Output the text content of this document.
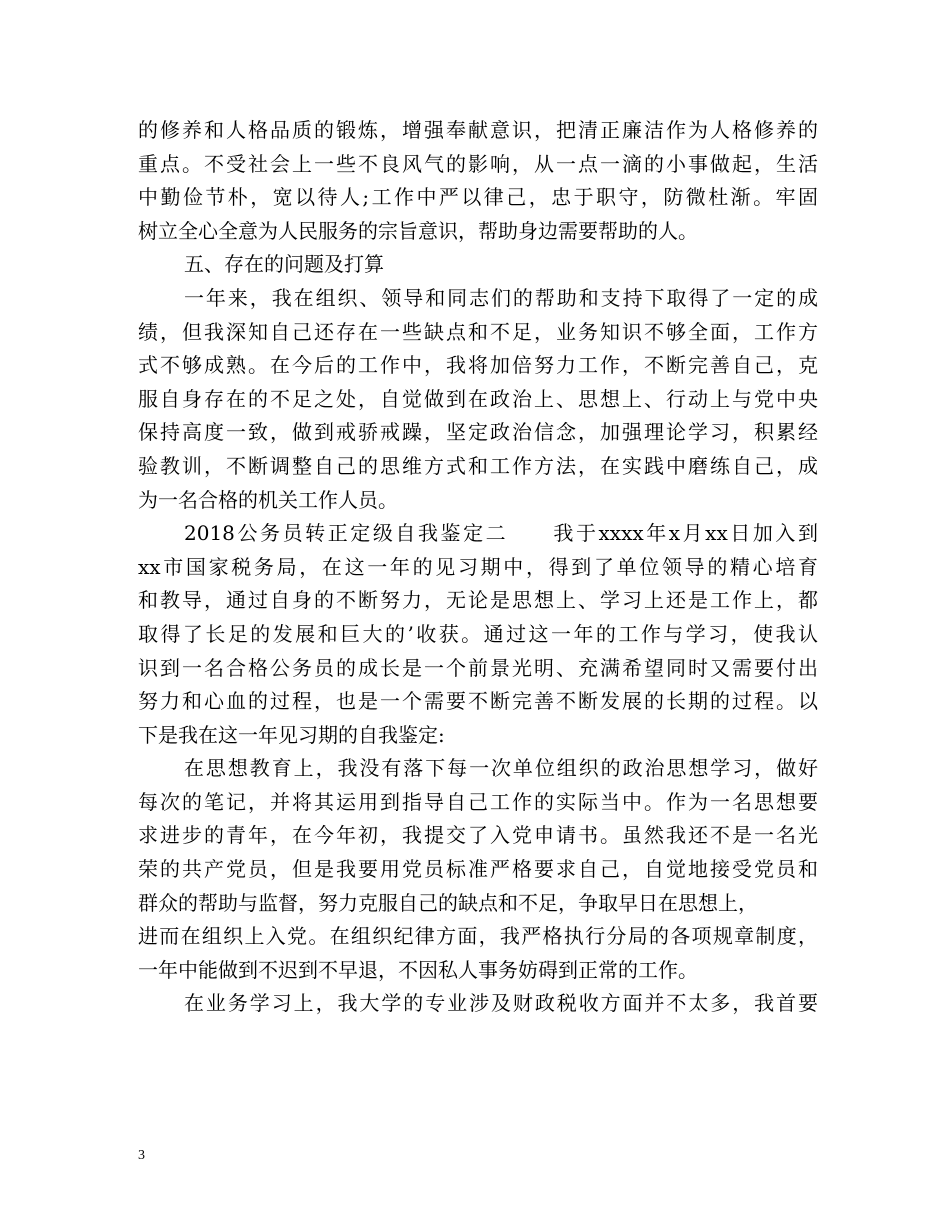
的修养和人格品质的锻炼，增强奉献意识，把清正廉洁作为人格修养的
重点。不受社会上一些不良风气的影响，从一点一滴的小事做起，生活
中勤俭节朴，宽以待人;工作中严以律己，忠于职守，防微杜渐。牢固
树立全心全意为人民服务的宗旨意识，帮助身边需要帮助的人。
五、存在的问题及打算
一年来，我在组织、领导和同志们的帮助和支持下取得了一定的成
绩，但我深知自己还存在一些缺点和不足，业务知识不够全面，工作方
式不够成熟。在今后的工作中，我将加倍努力工作，不断完善自己，克
服自身存在的不足之处，自觉做到在政治上、思想上、行动上与党中央
保持高度一致，做到戒骄戒躁，坚定政治信念，加强理论学习，积累经
验教训，不断调整自己的思维方式和工作方法，在实践中磨练自己，成
为一名合格的机关工作人员。
2018公务员转正定级自我鉴定二　　我于xxxx年x月xx日加入到
xx市国家税务局，在这一年的见习期中，得到了单位领导的精心培育
和教导，通过自身的不断努力，无论是思想上、学习上还是工作上，都
取得了长足的发展和巨大的’收获。通过这一年的工作与学习，使我认
识到一名合格公务员的成长是一个前景光明、充满希望同时又需要付出
努力和心血的过程，也是一个需要不断完善不断发展的长期的过程。以
下是我在这一年见习期的自我鉴定:
在思想教育上，我没有落下每一次单位组织的政治思想学习，做好
每次的笔记，并将其运用到指导自己工作的实际当中。作为一名思想要
求进步的青年，在今年初，我提交了入党申请书。虽然我还不是一名光
荣的共产党员，但是我要用党员标准严格要求自己，自觉地接受党员和
群众的帮助与监督，努力克服自己的缺点和不足，争取早日在思想上，
进而在组织上入党。在组织纪律方面，我严格执行分局的各项规章制度，
一年中能做到不迟到不早退，不因私人事务妨碍到正常的工作。
在业务学习上，我大学的专业涉及财政税收方面并不太多，我首要
3
